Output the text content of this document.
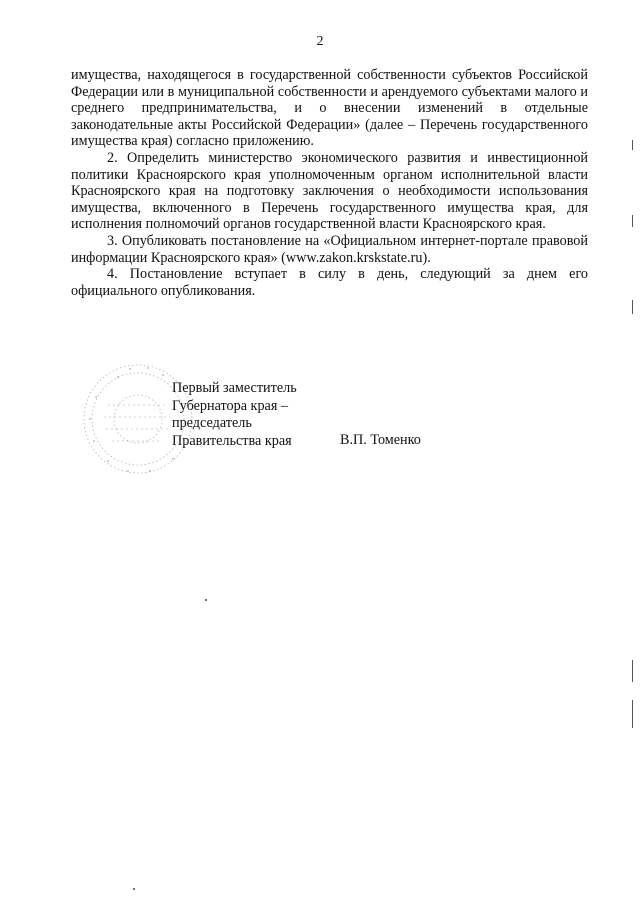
2

имущества, находящегося в государственной собственности субъектов Российской Федерации или в муниципальной собственности и арендуемого субъектами малого и среднего предпринимательства, и о внесении изменений в отдельные законодательные акты Российской Федерации» (далее – Перечень государственного имущества края) согласно приложению.

2. Определить министерство экономического развития и инвестиционной политики Красноярского края уполномоченным органом исполнительной власти Красноярского края на подготовку заключения о необходимости использования имущества, включенного в Перечень государственного имущества края, для исполнения полномочий органов государственной власти Красноярского края.

3. Опубликовать постановление на «Официальном интернет-портале правовой информации Красноярского края» (www.zakon.krskstate.ru).

4. Постановление вступает в силу в день, следующий за днем его официального опубликования.

Первый заместитель
Губернатора края –
председатель
Правительства края	В.П. Томенко
